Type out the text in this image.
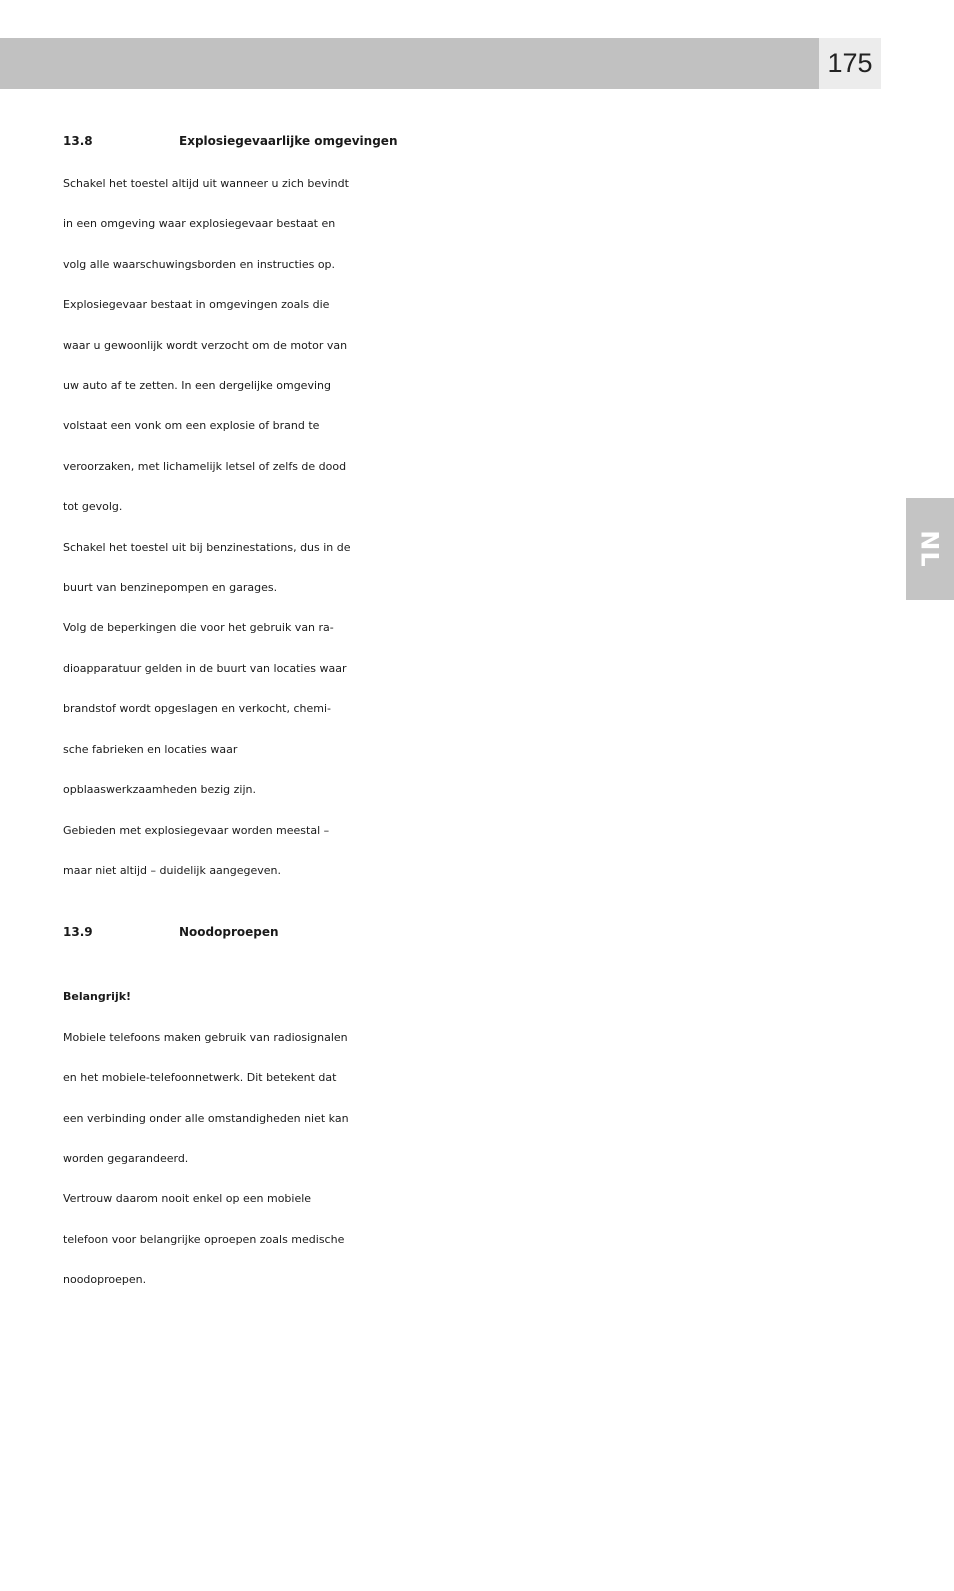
175
NL
13.8	Explosiegevaarlijke omgevingen

Schakel het toestel altijd uit wanneer u zich bevindt

in een omgeving waar explosiegevaar bestaat en

volg alle waarschuwingsborden en instructies op.

Explosiegevaar bestaat in omgevingen zoals die

waar u gewoonlijk wordt verzocht om de motor van

uw auto af te zetten. In een dergelijke omgeving

volstaat een vonk om een explosie of brand te

veroorzaken, met lichamelijk letsel of zelfs de dood

tot gevolg.

Schakel het toestel uit bij benzinestations, dus in de

buurt van benzinepompen en garages.

Volg de beperkingen die voor het gebruik van ra-

dioapparatuur gelden in de buurt van locaties waar

brandstof wordt opgeslagen en verkocht, chemi-

sche fabrieken en locaties waar

opblaaswerkzaamheden bezig zijn.

Gebieden met explosiegevaar worden meestal –

maar niet altijd – duidelijk aangegeven.

13.9	Noodoproepen

Belangrijk!

Mobiele telefoons maken gebruik van radiosignalen

en het mobiele-telefoonnetwerk. Dit betekent dat

een verbinding onder alle omstandigheden niet kan

worden gegarandeerd.

Vertrouw daarom nooit enkel op een mobiele

telefoon voor belangrijke oproepen zoals medische

noodoproepen.
